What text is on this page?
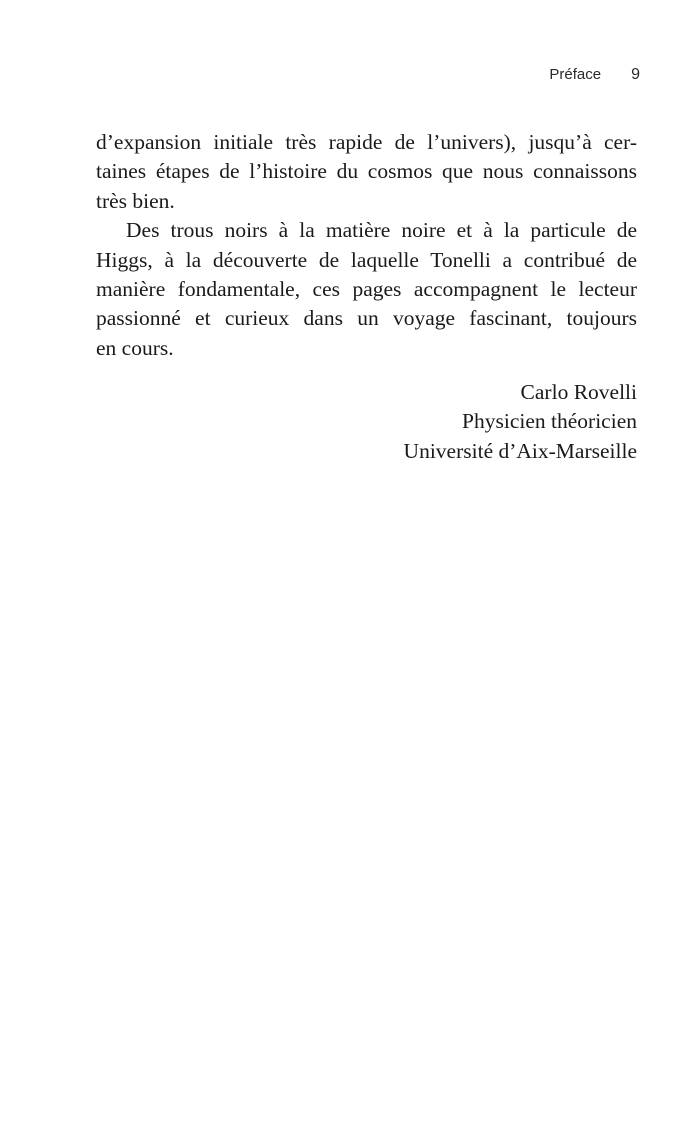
Préface 9
d’expansion initiale très rapide de l’univers), jusqu’à cer-
taines étapes de l’histoire du cosmos que nous connaissons
très bien.
Des trous noirs à la matière noire et à la particule de
Higgs, à la découverte de laquelle Tonelli a contribué de
manière fondamentale, ces pages accompagnent le lecteur
passionné et curieux dans un voyage fascinant, toujours
en cours.
Carlo Rovelli
Physicien théoricien
Université d’Aix-Marseille
